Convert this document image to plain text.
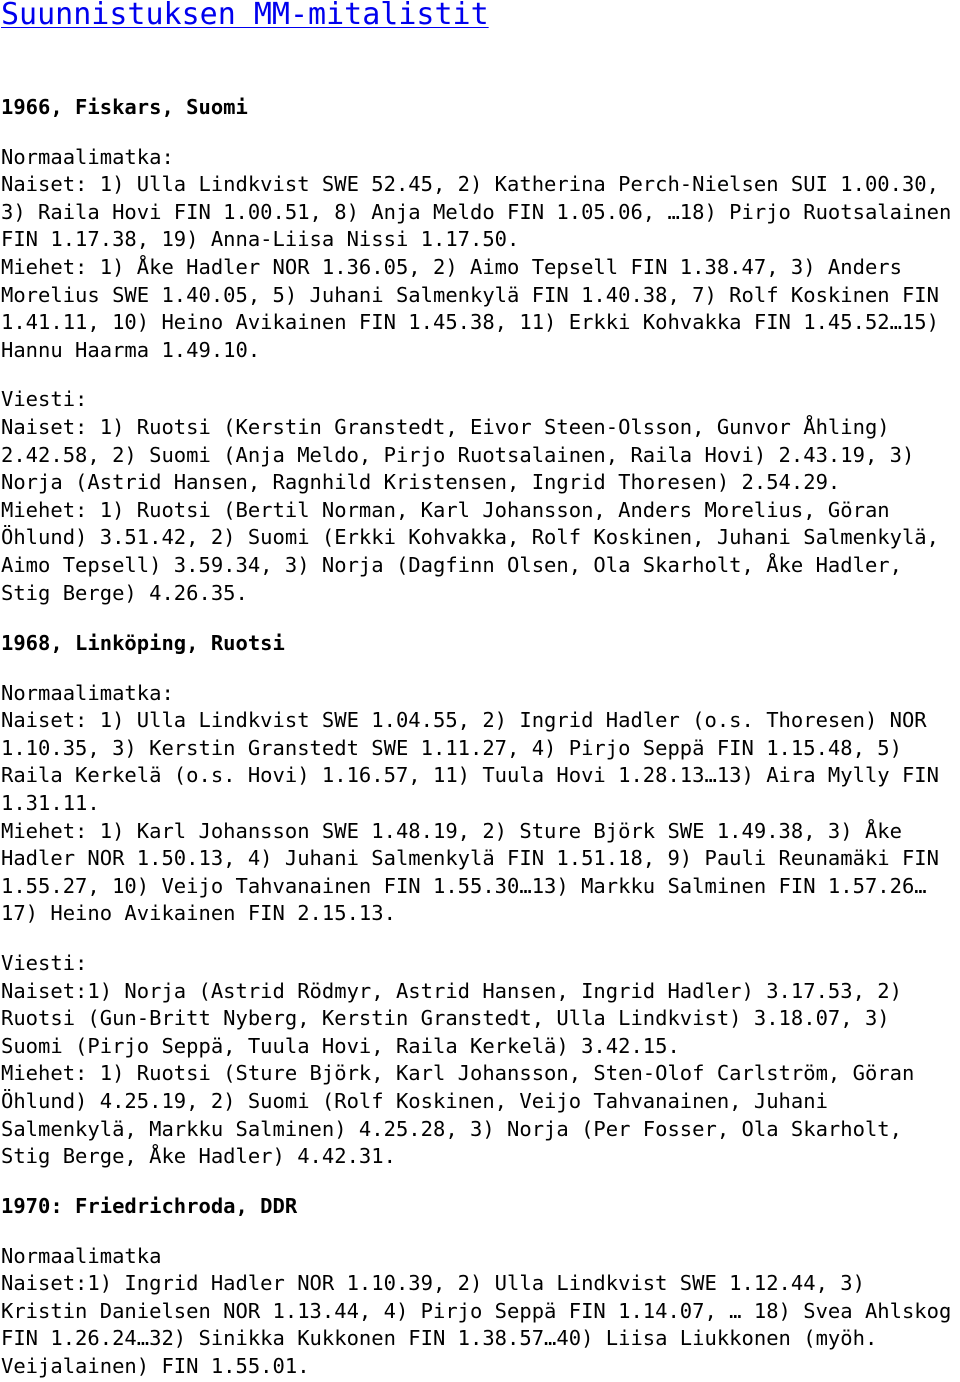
Suunnistuksen MM-mitalistit
1966, Fiskars, Suomi

Normaalimatka:

Naiset: 1) Ulla Lindkvist SWE 52.45, 2) Katherina Perch-Nielsen SUI 1.00.30, 3) Raila Hovi FIN 1.00.51, 8) Anja Meldo FIN 1.05.06, …18) Pirjo Ruotsalainen FIN 1.17.38, 19) Anna-Liisa Nissi 1.17.50.

Miehet: 1) Åke Hadler NOR 1.36.05, 2) Aimo Tepsell FIN 1.38.47, 3) Anders Morelius SWE 1.40.05, 5) Juhani Salmenkylä FIN 1.40.38, 7) Rolf Koskinen FIN 1.41.11, 10) Heino Avikainen FIN 1.45.38, 11) Erkki Kohvakka FIN 1.45.52…15) Hannu Haarma 1.49.10.

Viesti:

Naiset: 1) Ruotsi (Kerstin Granstedt, Eivor Steen-Olsson, Gunvor Åhling) 2.42.58, 2) Suomi (Anja Meldo, Pirjo Ruotsalainen, Raila Hovi) 2.43.19, 3) Norja (Astrid Hansen, Ragnhild Kristensen, Ingrid Thoresen) 2.54.29.

Miehet: 1) Ruotsi (Bertil Norman, Karl Johansson, Anders Morelius, Göran Öhlund) 3.51.42, 2) Suomi (Erkki Kohvakka, Rolf Koskinen, Juhani Salmenkylä, Aimo Tepsell) 3.59.34, 3) Norja (Dagfinn Olsen, Ola Skarholt, Åke Hadler, Stig Berge) 4.26.35.

1968, Linköping, Ruotsi

Normaalimatka:

Naiset: 1) Ulla Lindkvist SWE 1.04.55, 2) Ingrid Hadler (o.s. Thoresen) NOR 1.10.35, 3) Kerstin Granstedt SWE 1.11.27, 4) Pirjo Seppä FIN 1.15.48, 5) Raila Kerkelä (o.s. Hovi) 1.16.57, 11) Tuula Hovi 1.28.13…13) Aira Mylly FIN 1.31.11.

Miehet: 1) Karl Johansson SWE 1.48.19, 2) Sture Björk SWE 1.49.38, 3) Åke Hadler NOR 1.50.13, 4) Juhani Salmenkylä FIN 1.51.18, 9) Pauli Reunamäki FIN 1.55.27, 10) Veijo Tahvanainen FIN 1.55.30…13) Markku Salminen FIN 1.57.26…17) Heino Avikainen FIN 2.15.13.

Viesti:

Naiset:1) Norja (Astrid Rödmyr, Astrid Hansen, Ingrid Hadler) 3.17.53, 2) Ruotsi (Gun-Britt Nyberg, Kerstin Granstedt, Ulla Lindkvist) 3.18.07, 3) Suomi (Pirjo Seppä, Tuula Hovi, Raila Kerkelä) 3.42.15.

Miehet: 1) Ruotsi (Sture Björk, Karl Johansson, Sten-Olof Carlström, Göran Öhlund) 4.25.19, 2) Suomi (Rolf Koskinen, Veijo Tahvanainen, Juhani Salmenkylä, Markku Salminen) 4.25.28, 3) Norja (Per Fosser, Ola Skarholt, Stig Berge, Åke Hadler) 4.42.31.

1970: Friedrichroda, DDR

Normaalimatka

Naiset:1) Ingrid Hadler NOR 1.10.39, 2) Ulla Lindkvist SWE 1.12.44, 3) Kristin Danielsen NOR 1.13.44, 4) Pirjo Seppä FIN 1.14.07, … 18) Svea Ahlskog FIN 1.26.24…32) Sinikka Kukkonen FIN 1.38.57…40) Liisa Liukkonen (myöh. Veijalainen) FIN 1.55.01.
